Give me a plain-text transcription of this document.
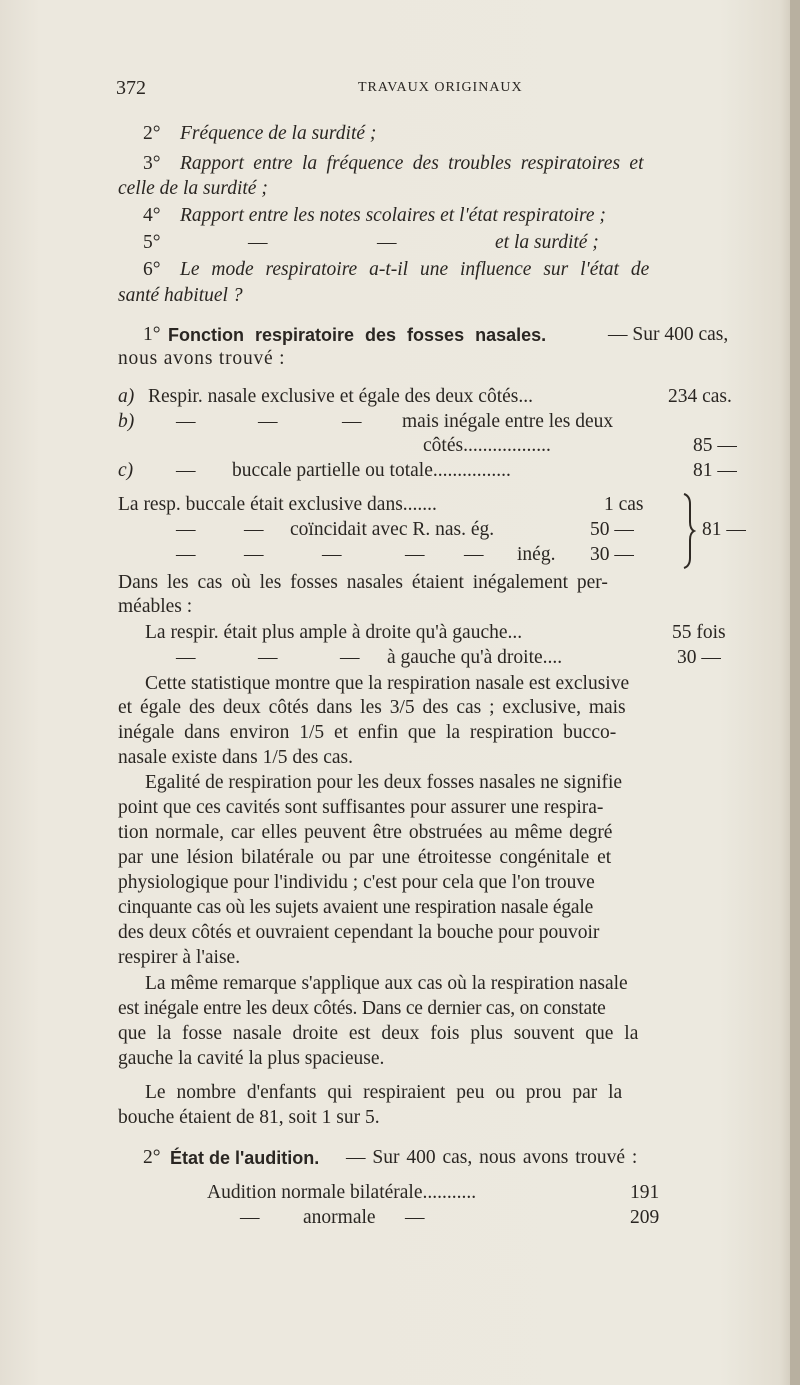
372	TRAVAUX ORIGINAUX
2° Fréquence de la surdité ;
3° Rapport entre la fréquence des troubles respiratoires et
celle de la surdité ;
4° Rapport entre les notes scolaires et l'état respiratoire ;
5°	—	—	et la surdité ;
6° Le mode respiratoire a-t-il une influence sur l'état de
santé habituel ?
1° Fonction respiratoire des fosses nasales.	— Sur 400 cas,
nous avons trouvé :
a) Respir. nasale exclusive et égale des deux côtés...	234 cas.
b) —	—	— mais inégale entre les deux
côtés..................	85 —
c) — buccale partielle ou totale................	81 —
La resp. buccale était exclusive dans.......	1 cas
— — coïncidait avec R. nas. ég.	50 —	81 —
— —	—	— — inég. 30 —
Dans les cas où les fosses nasales étaient inégalement per-
méables :
La respir. était plus ample à droite qu'à gauche...	55 fois
—	—	— à gauche qu'à droite....	30 —
Cette statistique montre que la respiration nasale est exclusive
et égale des deux côtés dans les 3/5 des cas ; exclusive, mais
inégale dans environ 1/5 et enfin que la respiration bucco-
nasale existe dans 1/5 des cas.
Egalité de respiration pour les deux fosses nasales ne signifie
point que ces cavités sont suffisantes pour assurer une respira-
tion normale, car elles peuvent être obstruées au même degré
par une lésion bilatérale ou par une étroitesse congénitale et
physiologique pour l'individu ; c'est pour cela que l'on trouve
cinquante cas où les sujets avaient une respiration nasale égale
des deux côtés et ouvraient cependant la bouche pour pouvoir
respirer à l'aise.
La même remarque s'applique aux cas où la respiration nasale
est inégale entre les deux côtés. Dans ce dernier cas, on constate
que la fosse nasale droite est deux fois plus souvent que la
gauche la cavité la plus spacieuse.
Le nombre d'enfants qui respiraient peu ou prou par la
bouche étaient de 81, soit 1 sur 5.
2° État de l'audition. — Sur 400 cas, nous avons trouvé :
Audition normale bilatérale...........	191
— anormale —	209
